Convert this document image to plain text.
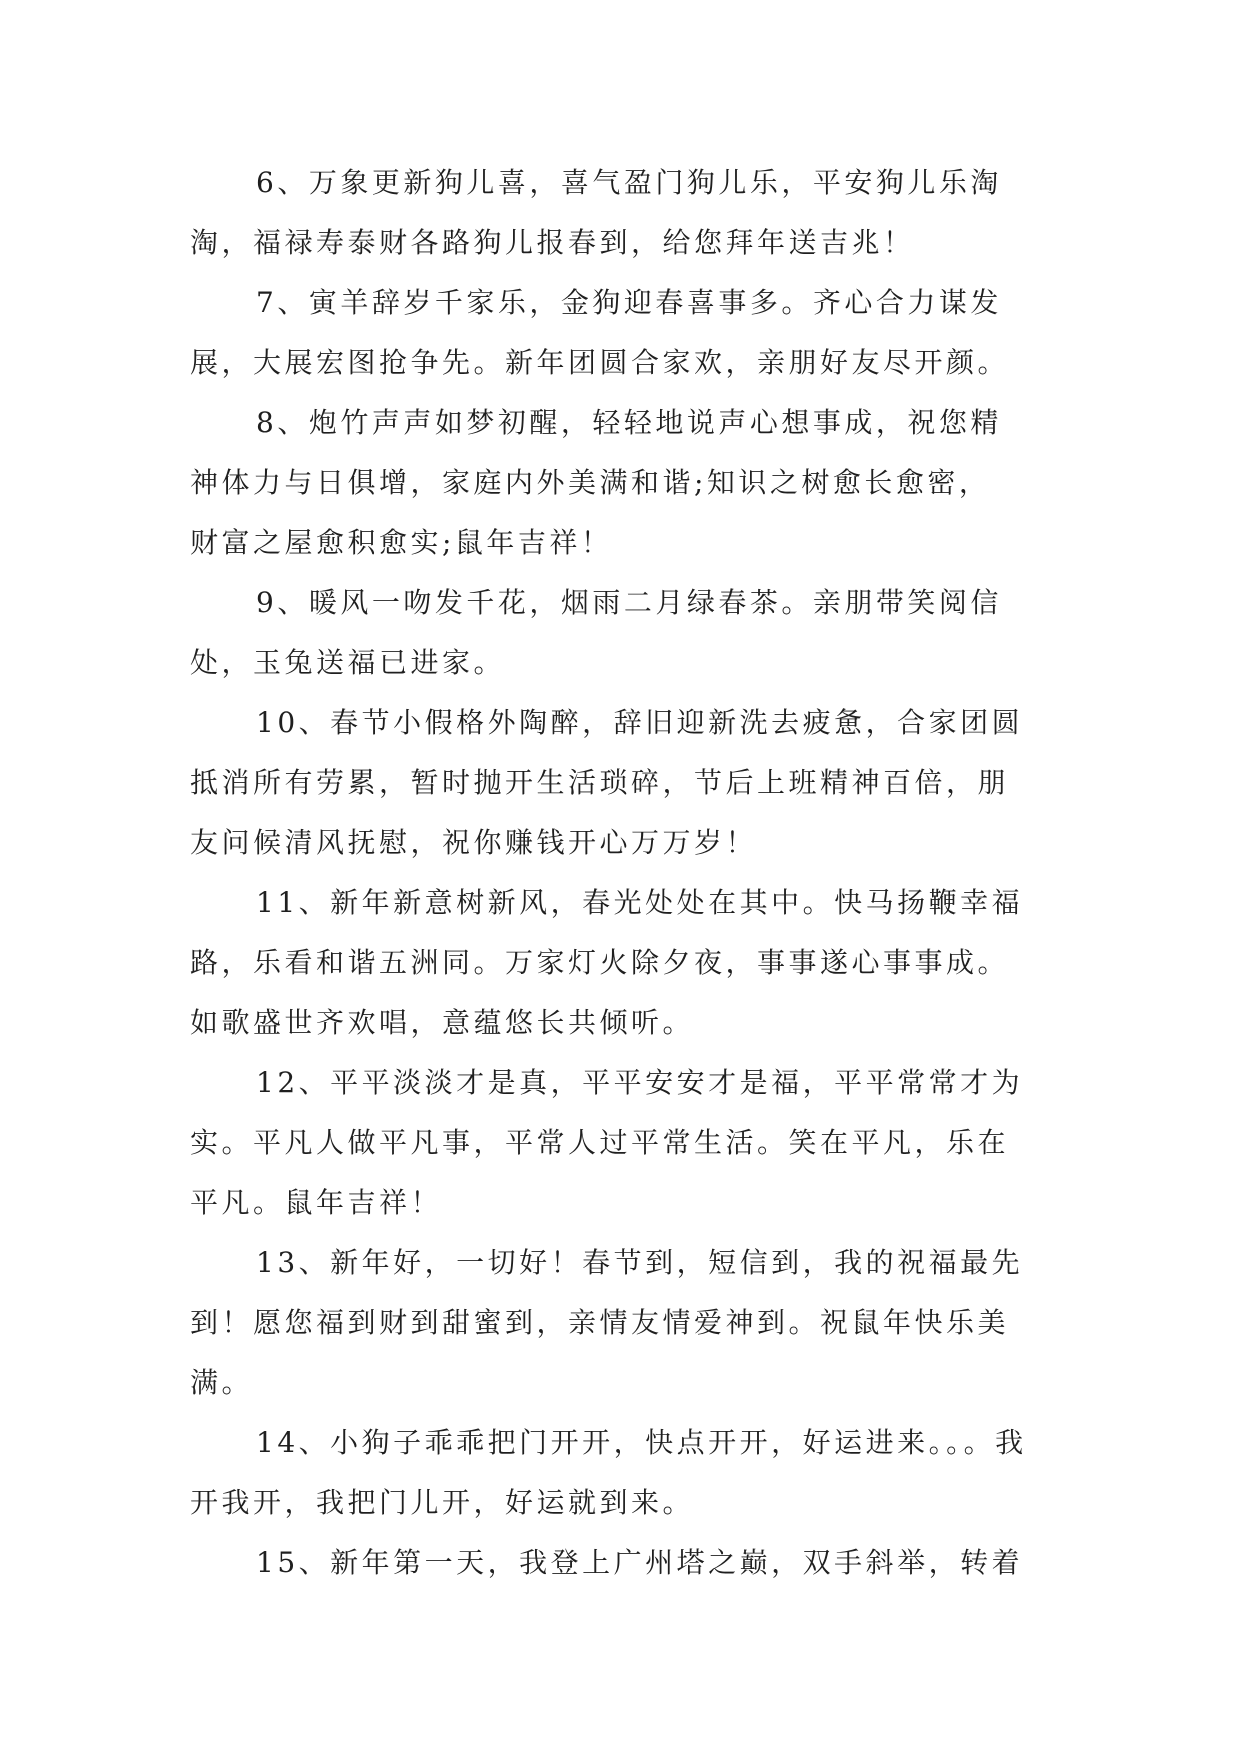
6、万象更新狗儿喜，喜气盈门狗儿乐，平安狗儿乐淘
淘，福禄寿泰财各路狗儿报春到，给您拜年送吉兆！

7、寅羊辞岁千家乐，金狗迎春喜事多。齐心合力谋发
展，大展宏图抢争先。新年团圆合家欢，亲朋好友尽开颜。

8、炮竹声声如梦初醒，轻轻地说声心想事成，祝您精
神体力与日俱增，家庭内外美满和谐;知识之树愈长愈密，
财富之屋愈积愈实;鼠年吉祥！

9、暖风一吻发千花，烟雨二月绿春茶。亲朋带笑阅信
处，玉兔送福已进家。

10、春节小假格外陶醉，辞旧迎新洗去疲惫，合家团圆
抵消所有劳累，暂时抛开生活琐碎，节后上班精神百倍，朋
友问候清风抚慰，祝你赚钱开心万万岁！

11、新年新意树新风，春光处处在其中。快马扬鞭幸福
路，乐看和谐五洲同。万家灯火除夕夜，事事遂心事事成。
如歌盛世齐欢唱，意蕴悠长共倾听。

12、平平淡淡才是真，平平安安才是福，平平常常才为
实。平凡人做平凡事，平常人过平常生活。笑在平凡，乐在
平凡。鼠年吉祥！

13、新年好，一切好！春节到，短信到，我的祝福最先
到！愿您福到财到甜蜜到，亲情友情爱神到。祝鼠年快乐美
满。

14、小狗子乖乖把门开开，快点开开，好运进来。。。我
开我开，我把门儿开，好运就到来。

15、新年第一天，我登上广州塔之巅，双手斜举，转着
